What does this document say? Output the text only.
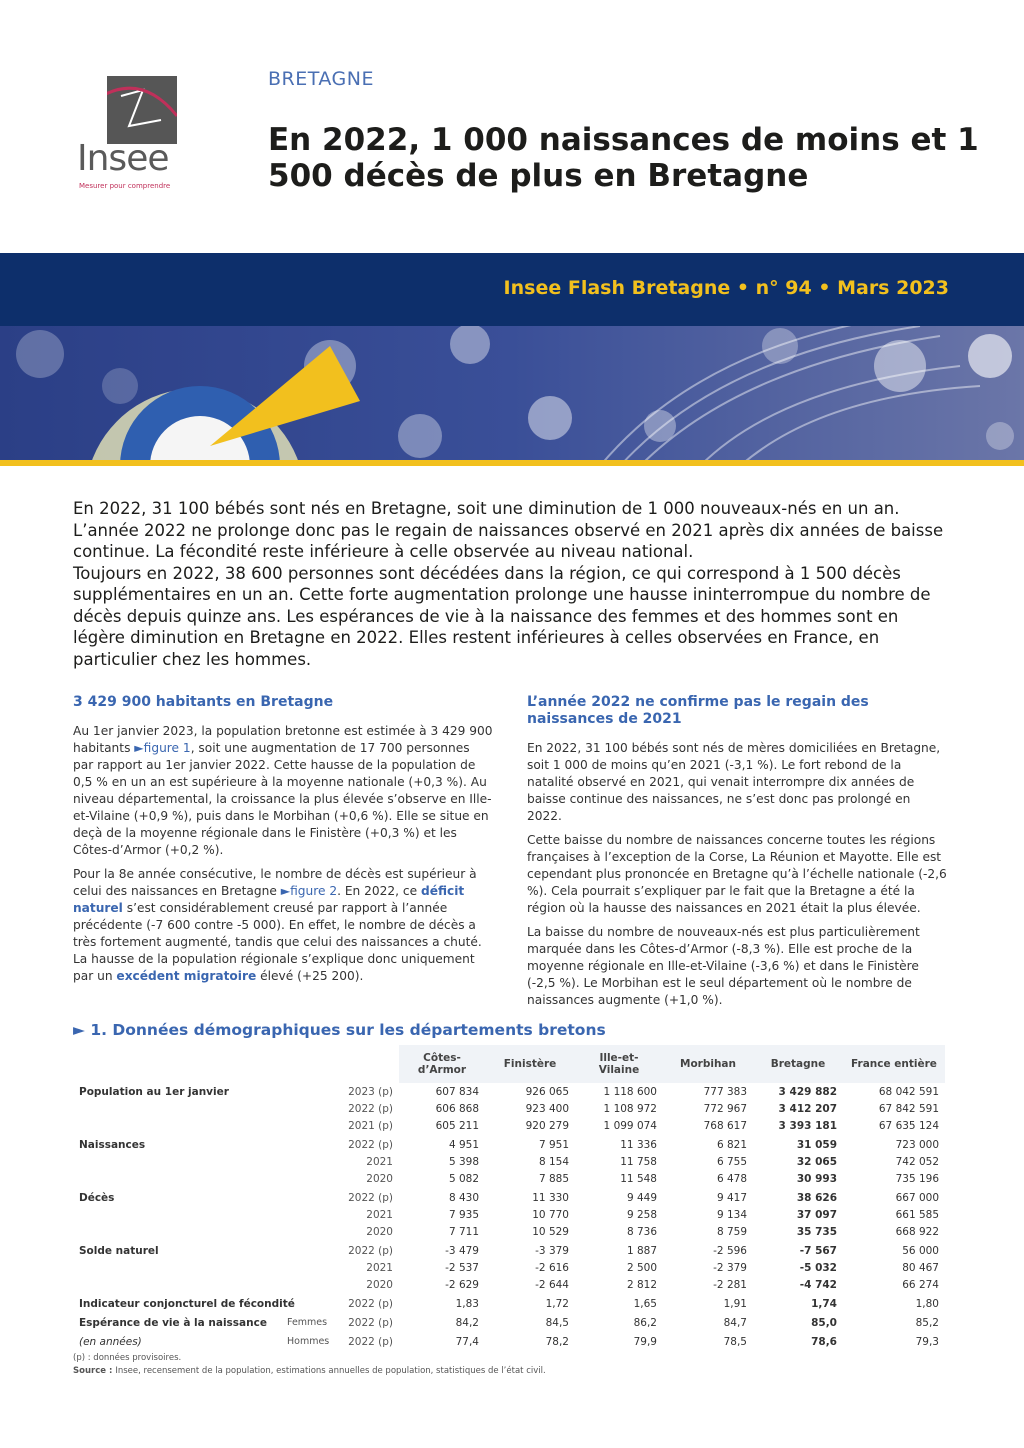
Insee
Mesurer pour comprendre
BRETAGNE
En 2022, 1 000 naissances de moins et 1 500 décès de plus en Bretagne
Insee Flash Bretagne • n° 94 • Mars 2023

En 2022, 31 100 bébés sont nés en Bretagne, soit une diminution de 1 000 nouveaux-nés en un an. L’année 2022 ne prolonge donc pas le regain de naissances observé en 2021 après dix années de baisse continue. La fécondité reste inférieure à celle observée au niveau national.

Toujours en 2022, 38 600 personnes sont décédées dans la région, ce qui correspond à 1 500 décès supplémentaires en un an. Cette forte augmentation prolonge une hausse ininterrompue du nombre de décès depuis quinze ans. Les espérances de vie à la naissance des femmes et des hommes sont en légère diminution en Bretagne en 2022. Elles restent inférieures à celles observées en France, en particulier chez les hommes.

3 429 900 habitants en Bretagne

Au 1er janvier 2023, la population bretonne est estimée à 3 429 900 habitants ►figure 1, soit une augmentation de 17 700 personnes par rapport au 1er janvier 2022. Cette hausse de la population de 0,5 % en un an est supérieure à la moyenne nationale (+0,3 %). Au niveau départemental, la croissance la plus élevée s’observe en Ille-et-Vilaine (+0,9 %), puis dans le Morbihan (+0,6 %). Elle se situe en deçà de la moyenne régionale dans le Finistère (+0,3 %) et les Côtes-d’Armor (+0,2 %).

Pour la 8e année consécutive, le nombre de décès est supérieur à celui des naissances en Bretagne ►figure 2. En 2022, ce déficit naturel s’est considérablement creusé par rapport à l’année précédente (-7 600 contre -5 000). En effet, le nombre de décès a très fortement augmenté, tandis que celui des naissances a chuté. La hausse de la population régionale s’explique donc uniquement par un excédent migratoire élevé (+25 200).

L’année 2022 ne confirme pas le regain des naissances de 2021

En 2022, 31 100 bébés sont nés de mères domiciliées en Bretagne, soit 1 000 de moins qu’en 2021 (-3,1 %). Le fort rebond de la natalité observé en 2021, qui venait interrompre dix années de baisse continue des naissances, ne s’est donc pas prolongé en 2022.

Cette baisse du nombre de naissances concerne toutes les régions françaises à l’exception de la Corse, La Réunion et Mayotte. Elle est cependant plus prononcée en Bretagne qu’à l’échelle nationale (-2,6 %). Cela pourrait s’expliquer par le fait que la Bretagne a été la région où la hausse des naissances en 2021 était la plus élevée.

La baisse du nombre de nouveaux-nés est plus particulièrement marquée dans les Côtes-d’Armor (-8,3 %). Elle est proche de la moyenne régionale en Ille-et-Vilaine (-3,6 %) et dans le Finistère (-2,5 %). Le Morbihan est le seul département où le nombre de naissances augmente (+1,0 %).

► 1. Données démographiques sur les départements bretons
			Côtes-d’Armor	Finistère	Ille-et-Vilaine	Morbihan	Bretagne	France entière
Population au 1er janvier		2023 (p)	607 834	926 065	1 118 600	777 383	3 429 882	68 042 591
		2022 (p)	606 868	923 400	1 108 972	772 967	3 412 207	67 842 591
		2021 (p)	605 211	920 279	1 099 074	768 617	3 393 181	67 635 124
Naissances		2022 (p)	4 951	7 951	11 336	6 821	31 059	723 000
		2021	5 398	8 154	11 758	6 755	32 065	742 052
		2020	5 082	7 885	11 548	6 478	30 993	735 196
Décès		2022 (p)	8 430	11 330	9 449	9 417	38 626	667 000
		2021	7 935	10 770	9 258	9 134	37 097	661 585
		2020	7 711	10 529	8 736	8 759	35 735	668 922
Solde naturel		2022 (p)	-3 479	-3 379	1 887	-2 596	-7 567	56 000
		2021	-2 537	-2 616	2 500	-2 379	-5 032	80 467
		2020	-2 629	-2 644	2 812	-2 281	-4 742	66 274
Indicateur conjoncturel de fécondité		2022 (p)	1,83	1,72	1,65	1,91	1,74	1,80
Espérance de vie à la naissance	Femmes	2022 (p)	84,2	84,5	86,2	84,7	85,0	85,2
(en années)	Hommes	2022 (p)	77,4	78,2	79,9	78,5	78,6	79,3

(p) : données provisoires.

Source : Insee, recensement de la population, estimations annuelles de population, statistiques de l’état civil.
